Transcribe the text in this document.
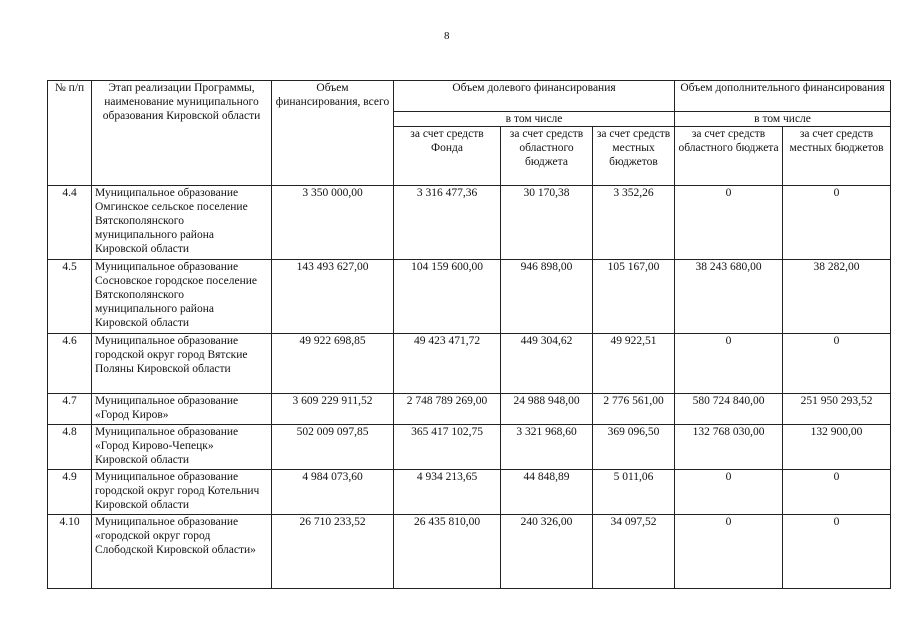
8
№ п/п	Этап реализации Программы, наименование муниципального образования Кировской области	Объем финансирования, всего	Объем долевого финансирования			Объем дополнительного финансирования	
			в том числе			в том числе	
			за счет средств Фонда	за счет средств областного бюджета	за счет средств местных бюджетов	за счет средств областного бюджета	за счет средств местных бюджетов
4.4	Муниципальное образование Омгинское сельское поселение Вятскополянского муниципального района Кировской области	3 350 000,00	3 316 477,36	30 170,38	3 352,26	0	0
4.5	Муниципальное образование Сосновское городское поселение Вятскополянского муниципального района Кировской области	143 493 627,00	104 159 600,00	946 898,00	105 167,00	38 243 680,00	38 282,00
4.6	Муниципальное образование городской округ город Вятские Поляны Кировской области	49 922 698,85	49 423 471,72	449 304,62	49 922,51	0	0
4.7	Муниципальное образование «Город Киров»	3 609 229 911,52	2 748 789 269,00	24 988 948,00	2 776 561,00	580 724 840,00	251 950 293,52
4.8	Муниципальное образование «Город Кирово-Чепецк» Кировской области	502 009 097,85	365 417 102,75	3 321 968,60	369 096,50	132 768 030,00	132 900,00
4.9	Муниципальное образование городской округ город Котельнич Кировской области	4 984 073,60	4 934 213,65	44 848,89	5 011,06	0	0
4.10	Муниципальное образование «городской округ город Слободской Кировской области»	26 710 233,52	26 435 810,00	240 326,00	34 097,52	0	0
